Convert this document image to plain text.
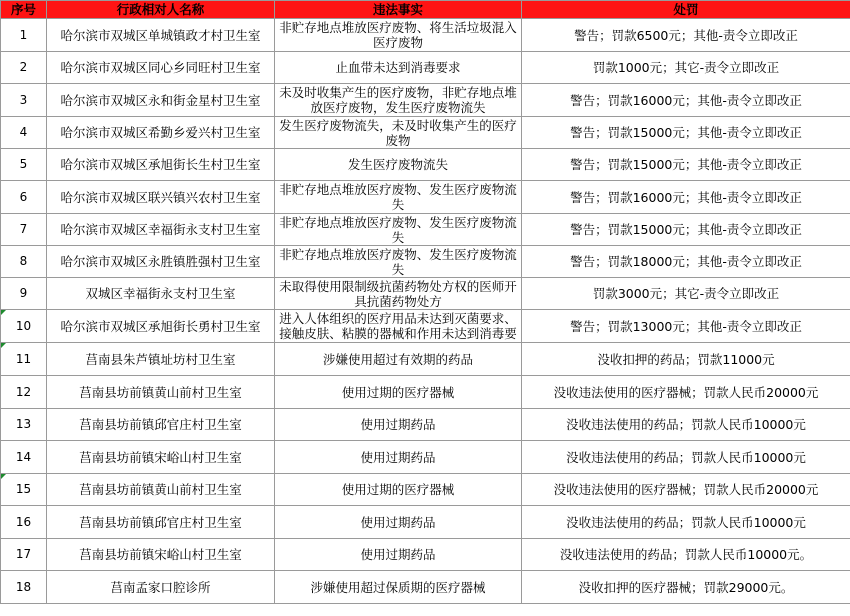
序号	行政相对人名称	违法事实	处罚
1	哈尔滨市双城区单城镇政才村卫生室	非贮存地点堆放医疗废物、将生活垃圾混入医疗废物	警告；罚款6500元；其他-责令立即改正
2	哈尔滨市双城区同心乡同旺村卫生室	止血带未达到消毒要求	罚款1000元；其它-责令立即改正
3	哈尔滨市双城区永和街金星村卫生室	未及时收集产生的医疗废物，非贮存地点堆放医疗废物，发生医疗废物流失	警告；罚款16000元；其他-责令立即改正
4	哈尔滨市双城区希勤乡爱兴村卫生室	发生医疗废物流失，未及时收集产生的医疗废物	警告；罚款15000元；其他-责令立即改正
5	哈尔滨市双城区承旭街长生村卫生室	发生医疗废物流失	警告；罚款15000元；其他-责令立即改正
6	哈尔滨市双城区联兴镇兴农村卫生室	非贮存地点堆放医疗废物、发生医疗废物流失	警告；罚款16000元；其他-责令立即改正
7	哈尔滨市双城区幸福街永支村卫生室	非贮存地点堆放医疗废物、发生医疗废物流失	警告；罚款15000元；其他-责令立即改正
8	哈尔滨市双城区永胜镇胜强村卫生室	非贮存地点堆放医疗废物、发生医疗废物流失	警告；罚款18000元；其他-责令立即改正
9	双城区幸福街永支村卫生室	未取得使用限制级抗菌药物处方权的医师开具抗菌药物处方	罚款3000元；其它-责令立即改正
10	哈尔滨市双城区承旭街长勇村卫生室	进入人体组织的医疗用品未达到灭菌要求、接触皮肤、粘膜的器械和作用未达到消毒要	警告；罚款13000元；其他-责令立即改正
11	莒南县朱芦镇址坊村卫生室	涉嫌使用超过有效期的药品	没收扣押的药品；罚款11000元
12	莒南县坊前镇黄山前村卫生室	使用过期的医疗器械	没收违法使用的医疗器械；罚款人民币20000元
13	莒南县坊前镇邱官庄村卫生室	使用过期药品	没收违法使用的药品；罚款人民币10000元
14	莒南县坊前镇宋峪山村卫生室	使用过期药品	没收违法使用的药品；罚款人民币10000元
15	莒南县坊前镇黄山前村卫生室	使用过期的医疗器械	没收违法使用的医疗器械；罚款人民币20000元
16	莒南县坊前镇邱官庄村卫生室	使用过期药品	没收违法使用的药品；罚款人民币10000元
17	莒南县坊前镇宋峪山村卫生室	使用过期药品	没收违法使用的药品；罚款人民币10000元。
18	莒南孟家口腔诊所	涉嫌使用超过保质期的医疗器械	没收扣押的医疗器械；罚款29000元。
